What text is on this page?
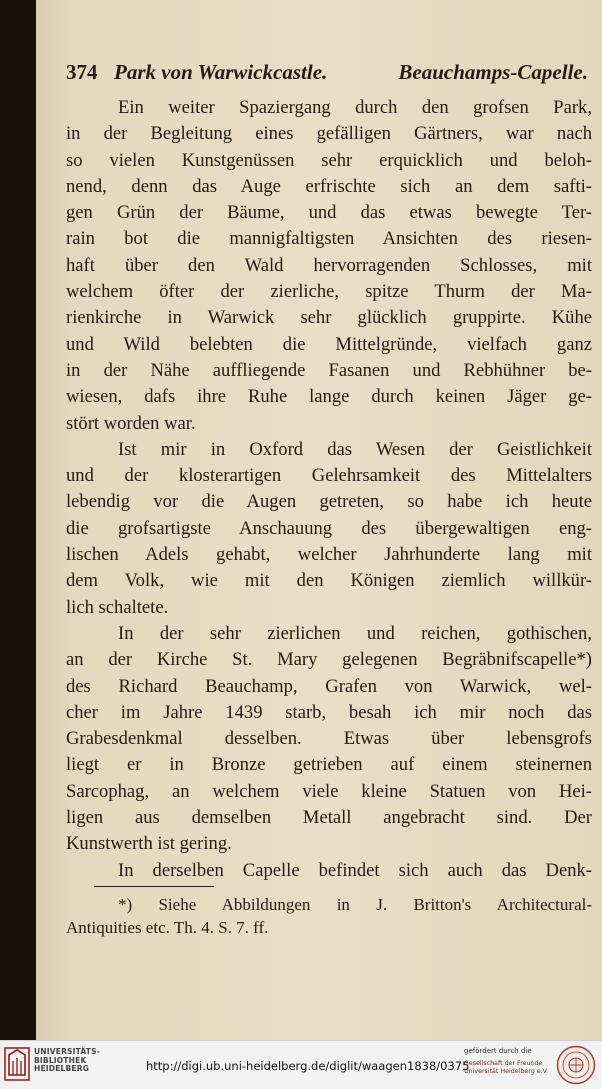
374 Park von Warwickcastle.	Beauchamps-Capelle.
Ein weiter Spaziergang durch den grofsen Park,
in der Begleitung eines gefälligen Gärtners, war nach
so vielen Kunstgenüssen sehr erquicklich und beloh-
nend, denn das Auge erfrischte sich an dem safti-
gen Grün der Bäume, und das etwas bewegte Ter-
rain bot die mannigfaltigsten Ansichten des riesen-
haft über den Wald hervorragenden Schlosses, mit
welchem öfter der zierliche, spitze Thurm der Ma-
rienkirche in Warwick sehr glücklich gruppirte. Kühe
und Wild belebten die Mittelgründe, vielfach ganz
in der Nähe auffliegende Fasanen und Rebhühner be-
wiesen, dafs ihre Ruhe lange durch keinen Jäger ge-
stört worden war.
Ist mir in Oxford das Wesen der Geistlichkeit
und der klosterartigen Gelehrsamkeit des Mittelalters
lebendig vor die Augen getreten, so habe ich heute
die grofsartigste Anschauung des übergewaltigen eng-
lischen Adels gehabt, welcher Jahrhunderte lang mit
dem Volk, wie mit den Königen ziemlich willkür-
lich schaltete.
In der sehr zierlichen und reichen, gothischen,
an der Kirche St. Mary gelegenen Begräbnifscapelle*)
des Richard Beauchamp, Grafen von Warwick, wel-
cher im Jahre 1439 starb, besah ich mir noch das
Grabesdenkmal desselben. Etwas über lebensgrofs
liegt er in Bronze getrieben auf einem steinernen
Sarcophag, an welchem viele kleine Statuen von Hei-
ligen aus demselben Metall angebracht sind. Der
Kunstwerth ist gering.
In derselben Capelle befindet sich auch das Denk-
*) Siehe Abbildungen in J. Britton's Architectural-
Antiquities etc. Th. 4. S. 7. ff.
UNIVERSITÄTS-
BIBLIOTHEK
HEIDELBERG	http://digi.ub.uni-heidelberg.de/diglit/waagen1838/0375
gefördert durch die
Gesellschaft der Freunde
Universität Heidelberg e.V.
